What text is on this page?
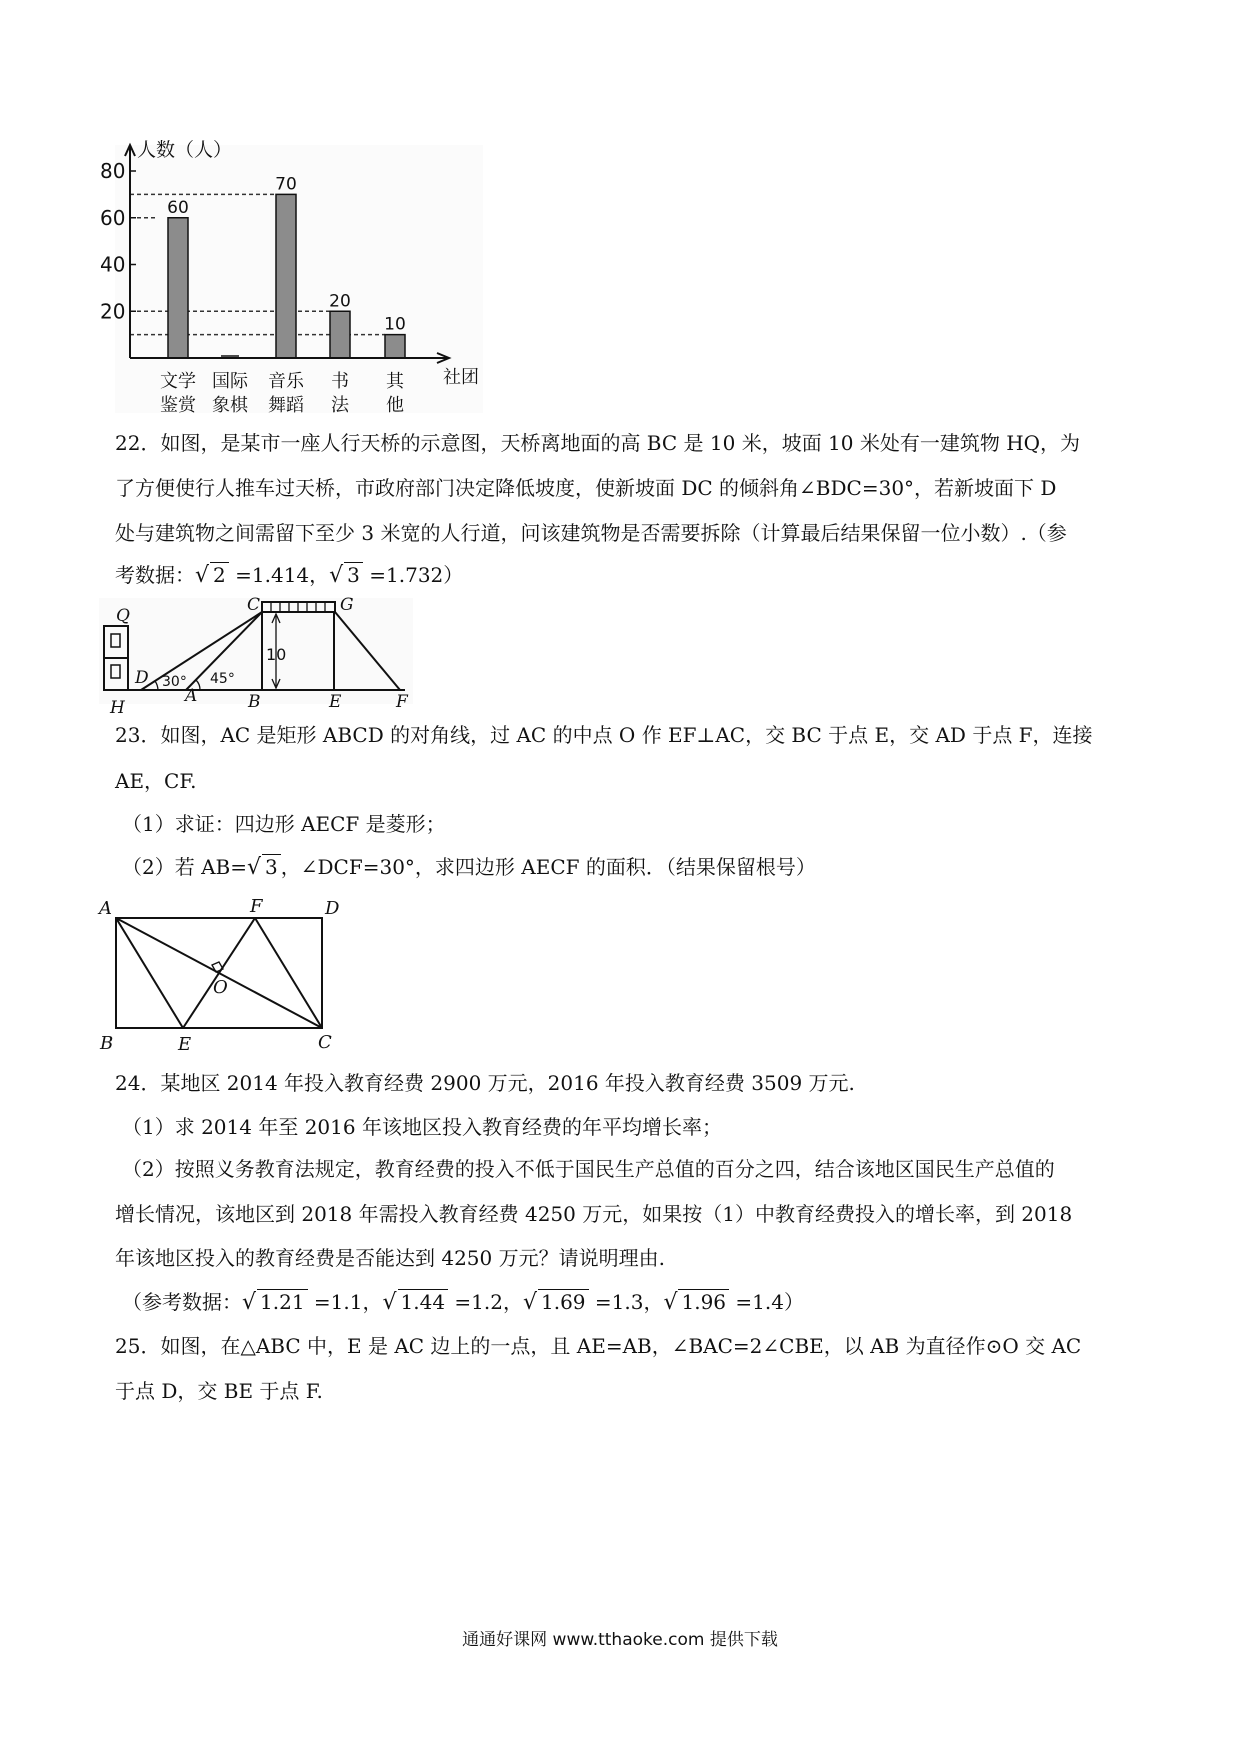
60
70
20
10
80
60
40
20
人数（人）
社团
文学
鉴赏
国际
象棋
音乐
舞蹈
书
法
其
他
22．如图，是某市一座人行天桥的示意图，天桥离地面的高 BC 是 10 米，坡面 10 米处有一建筑物 HQ，为
了方便使行人推车过天桥，市政府部门决定降低坡度，使新坡面 DC 的倾斜角∠BDC=30°，若新坡面下 D
处与建筑物之间需留下至少 3 米宽的人行道，问该建筑物是否需要拆除（计算最后结果保留一位小数）.（参
考数据：√ 2 =1.414，√ 3 =1.732）
Q
H
D 30°
A
45°
B
C	G
E	F
10
23．如图，AC 是矩形 ABCD 的对角线，过 AC 的中点 O 作 EF⊥AC，交 BC 于点 E，交 AD 于点 F，连接
AE，CF.
（1）求证：四边形 AECF 是菱形；
（2）若 AB=√ 3 ，∠DCF=30°，求四边形 AECF 的面积．（结果保留根号）
A	F	D
B	E	C
O
24．某地区 2014 年投入教育经费 2900 万元，2016 年投入教育经费 3509 万元.
（1）求 2014 年至 2016 年该地区投入教育经费的年平均增长率；
（2）按照义务教育法规定，教育经费的投入不低于国民生产总值的百分之四，结合该地区国民生产总值的
增长情况，该地区到 2018 年需投入教育经费 4250 万元，如果按（1）中教育经费投入的增长率，到 2018
年该地区投入的教育经费是否能达到 4250 万元？请说明理由.
（参考数据：√ 1.21 =1.1，√ 1.44 =1.2，√ 1.69 =1.3，√ 1.96 =1.4）
25．如图，在△ABC 中，E 是 AC 边上的一点，且 AE=AB，∠BAC=2∠CBE，以 AB 为直径作⊙O 交 AC
于点 D，交 BE 于点 F.
通通好课网 www.tthaoke.com 提供下载
